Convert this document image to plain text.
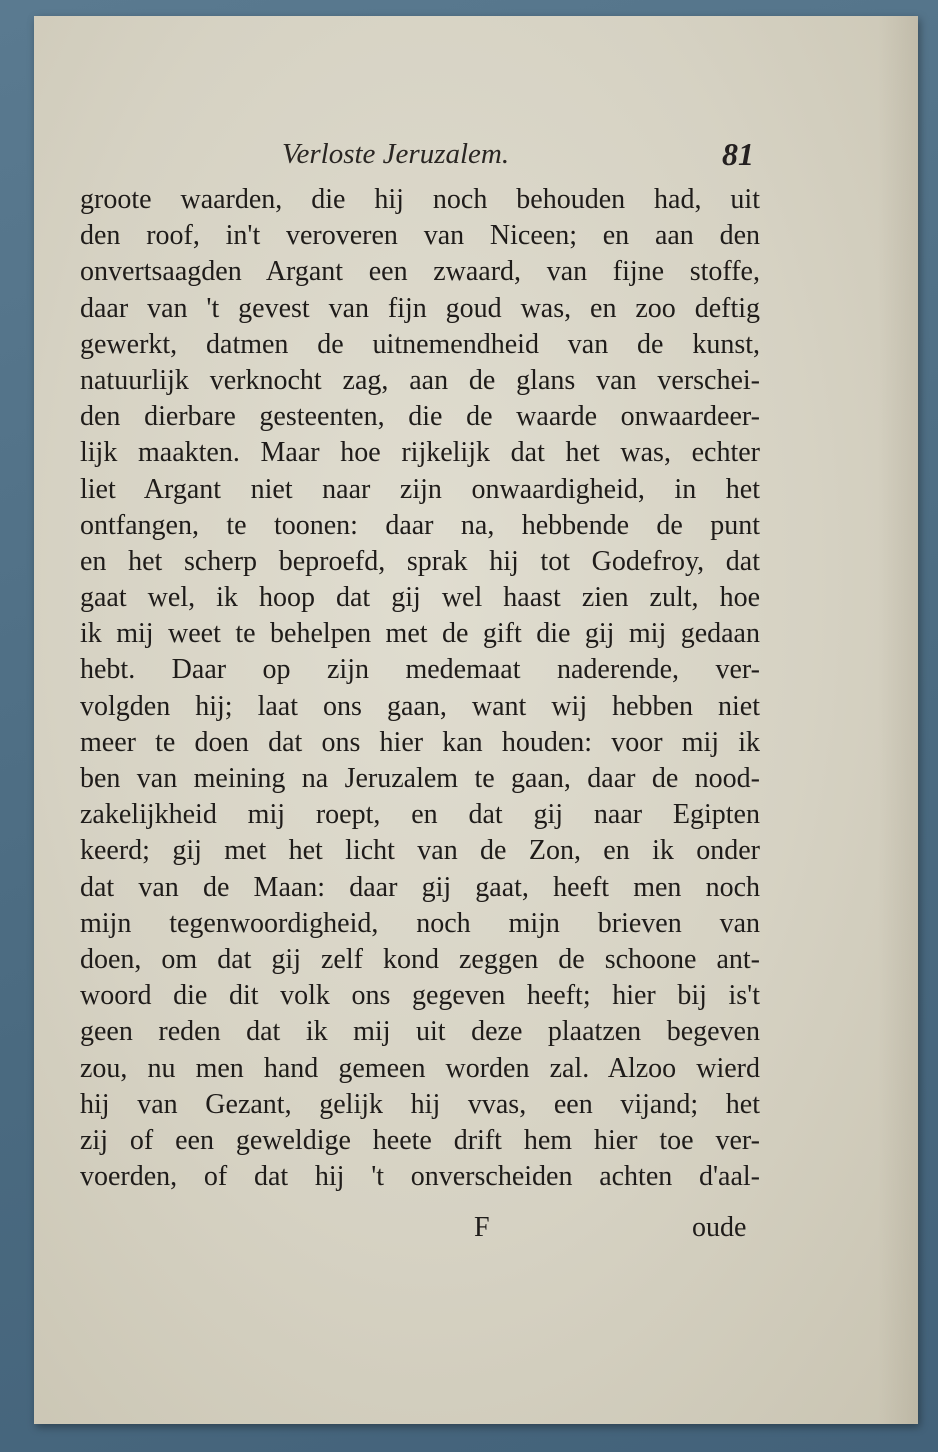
Verloste Jeruzalem.	81
groote waarden, die hij noch behouden had, uit
den roof, in't veroveren van Niceen; en aan den
onvertsaagden Argant een zwaard, van fijne stoffe,
daar van 't gevest van fijn goud was, en zoo deftig
gewerkt, datmen de uitnemendheid van de kunst,
natuurlijk verknocht zag, aan de glans van verschei-
den dierbare gesteenten, die de waarde onwaardeer-
lijk maakten. Maar hoe rijkelijk dat het was, echter
liet Argant niet naar zijn onwaardigheid, in het
ontfangen, te toonen: daar na, hebbende de punt
en het scherp beproefd, sprak hij tot Godefroy, dat
gaat wel, ik hoop dat gij wel haast zien zult, hoe
ik mij weet te behelpen met de gift die gij mij gedaan
hebt. Daar op zijn medemaat naderende, ver-
volgden hij; laat ons gaan, want wij hebben niet
meer te doen dat ons hier kan houden: voor mij ik
ben van meining na Jeruzalem te gaan, daar de nood-
zakelijkheid mij roept, en dat gij naar Egipten
keerd; gij met het licht van de Zon, en ik onder
dat van de Maan: daar gij gaat, heeft men noch
mijn tegenwoordigheid, noch mijn brieven van
doen, om dat gij zelf kond zeggen de schoone ant-
woord die dit volk ons gegeven heeft; hier bij is't
geen reden dat ik mij uit deze plaatzen begeven
zou, nu men hand gemeen worden zal. Alzoo wierd
hij van Gezant, gelijk hij vvas, een vijand; het
zij of een geweldige heete drift hem hier toe ver-
voerden, of dat hij 't onverscheiden achten d'aal-
F	oude
